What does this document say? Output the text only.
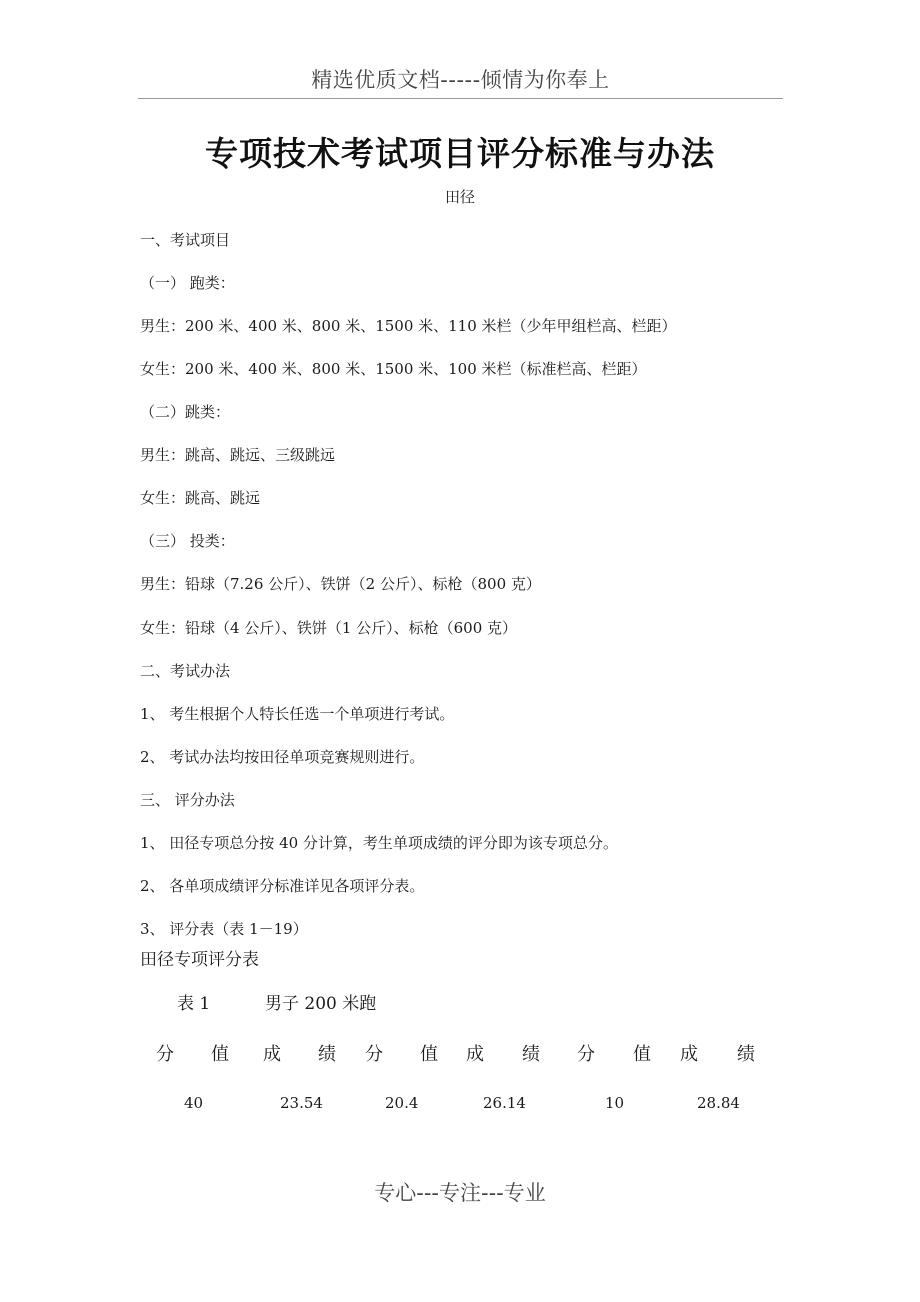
精选优质文档-----倾情为你奉上
专项技术考试项目评分标准与办法
田径
一、考试项目
（一） 跑类：
男生：200 米、400 米、800 米、1500 米、110 米栏（少年甲组栏高、栏距）
女生：200 米、400 米、800 米、1500 米、100 米栏（标准栏高、栏距）
（二）跳类：
男生：跳高、跳远、三级跳远
女生：跳高、跳远
（三） 投类：
男生：铅球（7.26 公斤）、铁饼（2 公斤）、标枪（800 克）
女生：铅球（4 公斤）、铁饼（1 公斤）、标枪（600 克）
二、考试办法
1、 考生根据个人特长任选一个单项进行考试。
2、 考试办法均按田径单项竞赛规则进行。
三、 评分办法
1、 田径专项总分按 40 分计算，考生单项成绩的评分即为该专项总分。
2、 各单项成绩评分标准详见各项评分表。
3、 评分表（表 1－19）
田径专项评分表
表 1	男子 200 米跑
分 值 成 绩 分 值 成 绩 分 值 成 绩
40	23.54	20.4	26.14	10	28.84
专心---专注---专业
